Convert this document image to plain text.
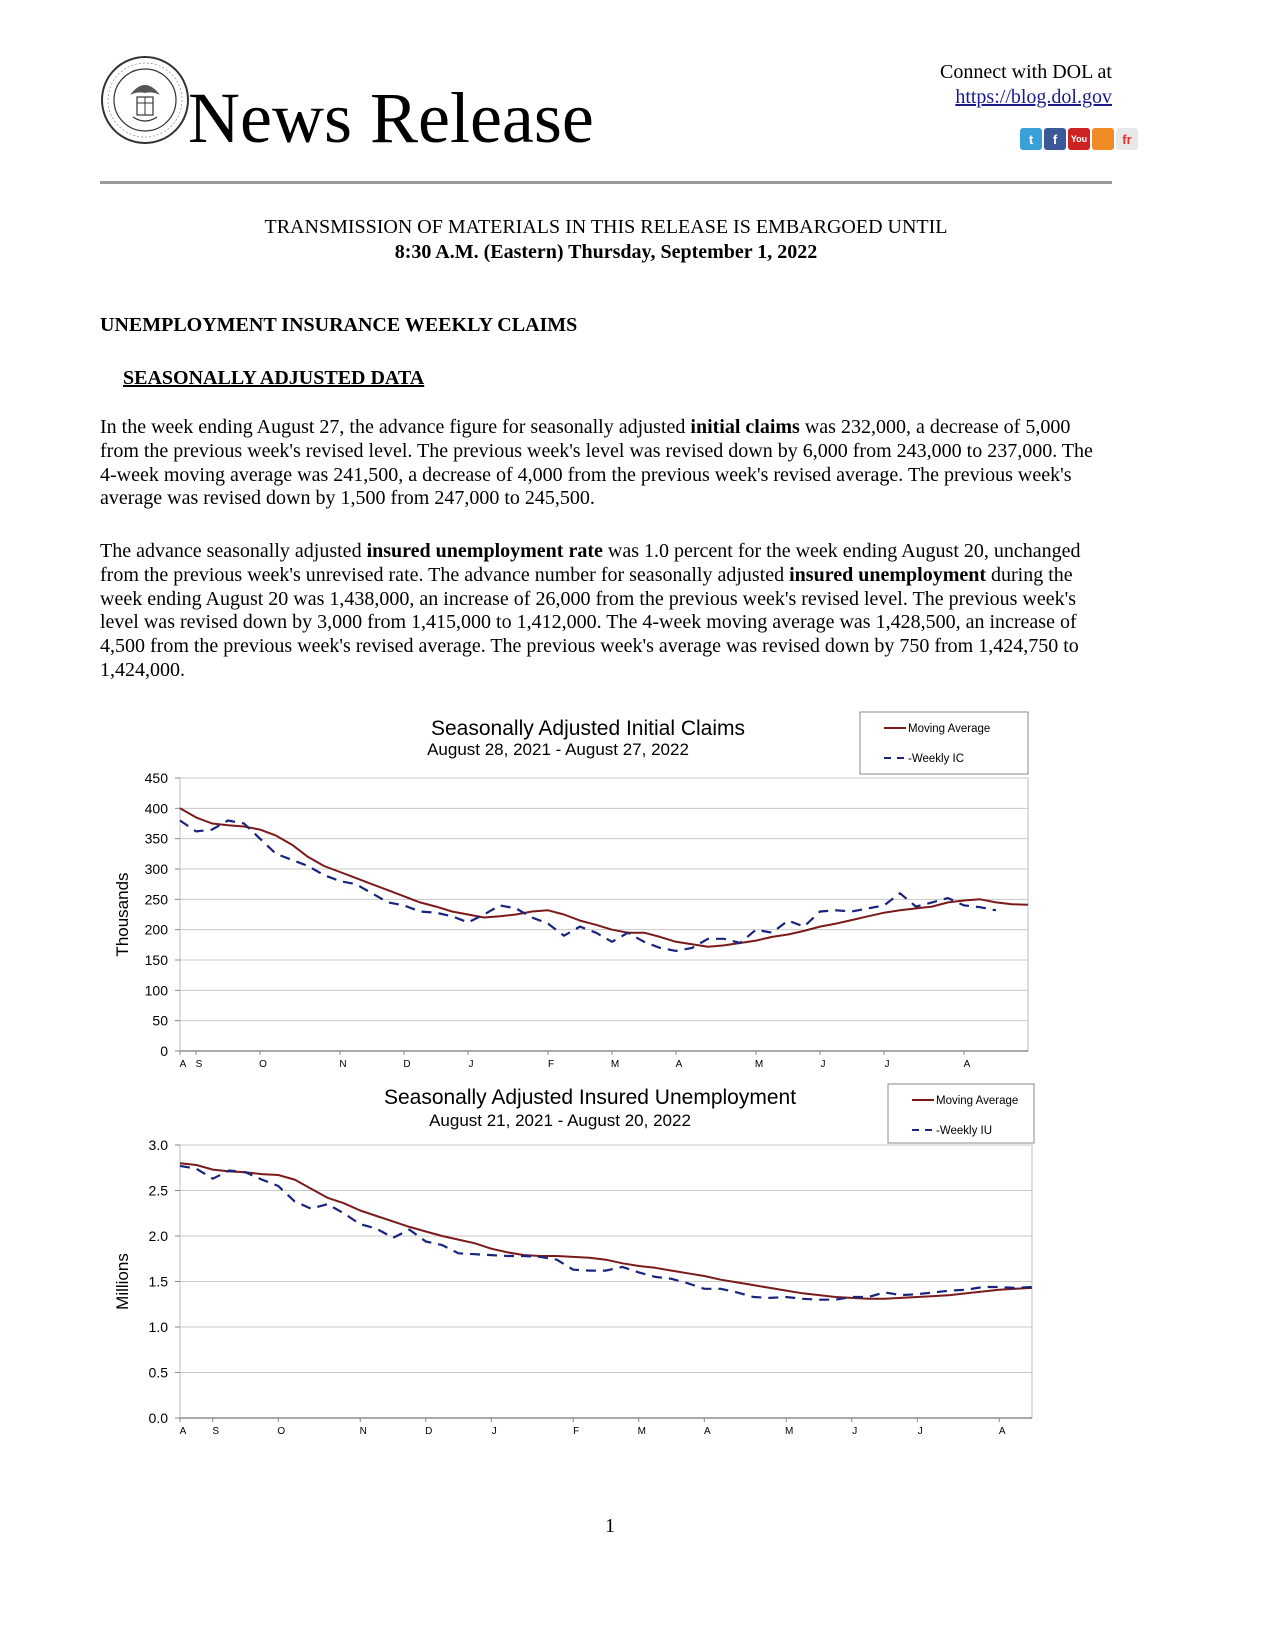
News Release
Connect with DOL at
https://blog.dol.gov
t	f	You	fr
TRANSMISSION OF MATERIALS IN THIS RELEASE IS EMBARGOED UNTIL
8:30 A.M. (Eastern) Thursday, September 1, 2022
UNEMPLOYMENT INSURANCE WEEKLY CLAIMS
SEASONALLY ADJUSTED DATA
In the week ending August 27, the advance figure for seasonally adjusted initial claims was 232,000, a decrease of 5,000 from the previous week's revised level. The previous week's level was revised down by 6,000 from 243,000 to 237,000. The 4-week moving average was 241,500, a decrease of 4,000 from the previous week's revised average. The previous week's average was revised down by 1,500 from 247,000 to 245,500.
The advance seasonally adjusted insured unemployment rate was 1.0 percent for the week ending August 20, unchanged from the previous week's unrevised rate. The advance number for seasonally adjusted insured unemployment during the week ending August 20 was 1,438,000, an increase of 26,000 from the previous week's revised level. The previous week's level was revised down by 3,000 from 1,415,000 to 1,412,000. The 4-week moving average was 1,428,500, an increase of 4,500 from the previous week's revised average. The previous week's average was revised down by 750 from 1,424,750 to 1,424,000.
Seasonally Adjusted Initial Claims
August 28, 2021 - August 27, 2022
0
50
100
150
200
250
300
350
400
450
A S	O	N	D	J	F	M	A	M	J	J	A
Thousands
Moving Average
-Weekly IC
Seasonally Adjusted Insured Unemployment
August 21, 2021 - August 20, 2022
0.0
0.5
1.0
1.5
2.0
2.5
3.0
A	S	O	N	D	J	F	M	A	M	J	J	A
Millions
Moving Average
-Weekly IU
1
